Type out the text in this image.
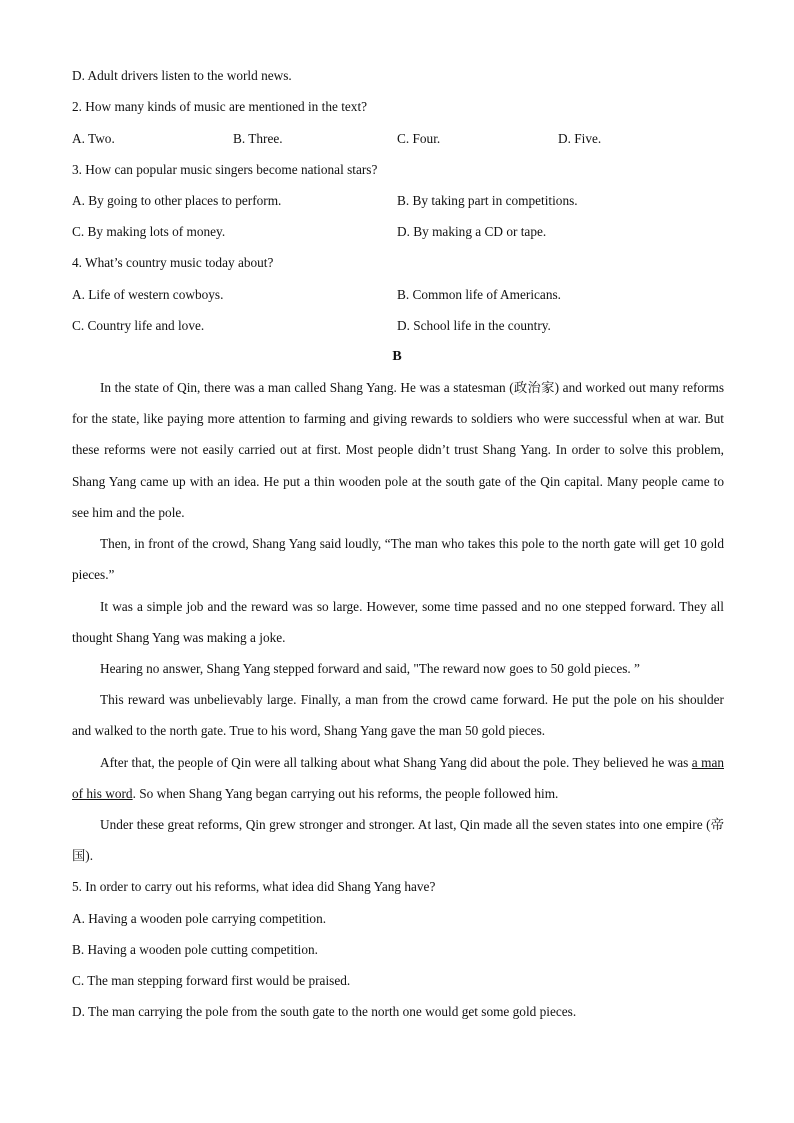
D. Adult drivers listen to the world news.
2. How many kinds of music are mentioned in the text?
A. Two.	B. Three.	C. Four.	D. Five.
3. How can popular music singers become national stars?
A. By going to other places to perform.	B. By taking part in competitions.
C. By making lots of money.	D. By making a CD or tape.
4. What’s country music today about?
A. Life of western cowboys.	B. Common life of Americans.
C. Country life and love.	D. School life in the country.
B
In the state of Qin, there was a man called Shang Yang. He was a statesman (政治家) and worked out many reforms for the state, like paying more attention to farming and giving rewards to soldiers who were successful when at war. But these reforms were not easily carried out at first. Most people didn’t trust Shang Yang. In order to solve this problem, Shang Yang came up with an idea. He put a thin wooden pole at the south gate of the Qin capital. Many people came to see him and the pole.
Then, in front of the crowd, Shang Yang said loudly, “The man who takes this pole to the north gate will get 10 gold pieces.”
It was a simple job and the reward was so large. However, some time passed and no one stepped forward. They all thought Shang Yang was making a joke.
Hearing no answer, Shang Yang stepped forward and said, "The reward now goes to 50 gold pieces. ”
This reward was unbelievably large. Finally, a man from the crowd came forward. He put the pole on his shoulder and walked to the north gate. True to his word, Shang Yang gave the man 50 gold pieces.
After that, the people of Qin were all talking about what Shang Yang did about the pole. They believed he was a man of his word. So when Shang Yang began carrying out his reforms, the people followed him.
Under these great reforms, Qin grew stronger and stronger. At last, Qin made all the seven states into one empire (帝国).
5. In order to carry out his reforms, what idea did Shang Yang have?
A. Having a wooden pole carrying competition.
B. Having a wooden pole cutting competition.
C. The man stepping forward first would be praised.
D. The man carrying the pole from the south gate to the north one would get some gold pieces.
